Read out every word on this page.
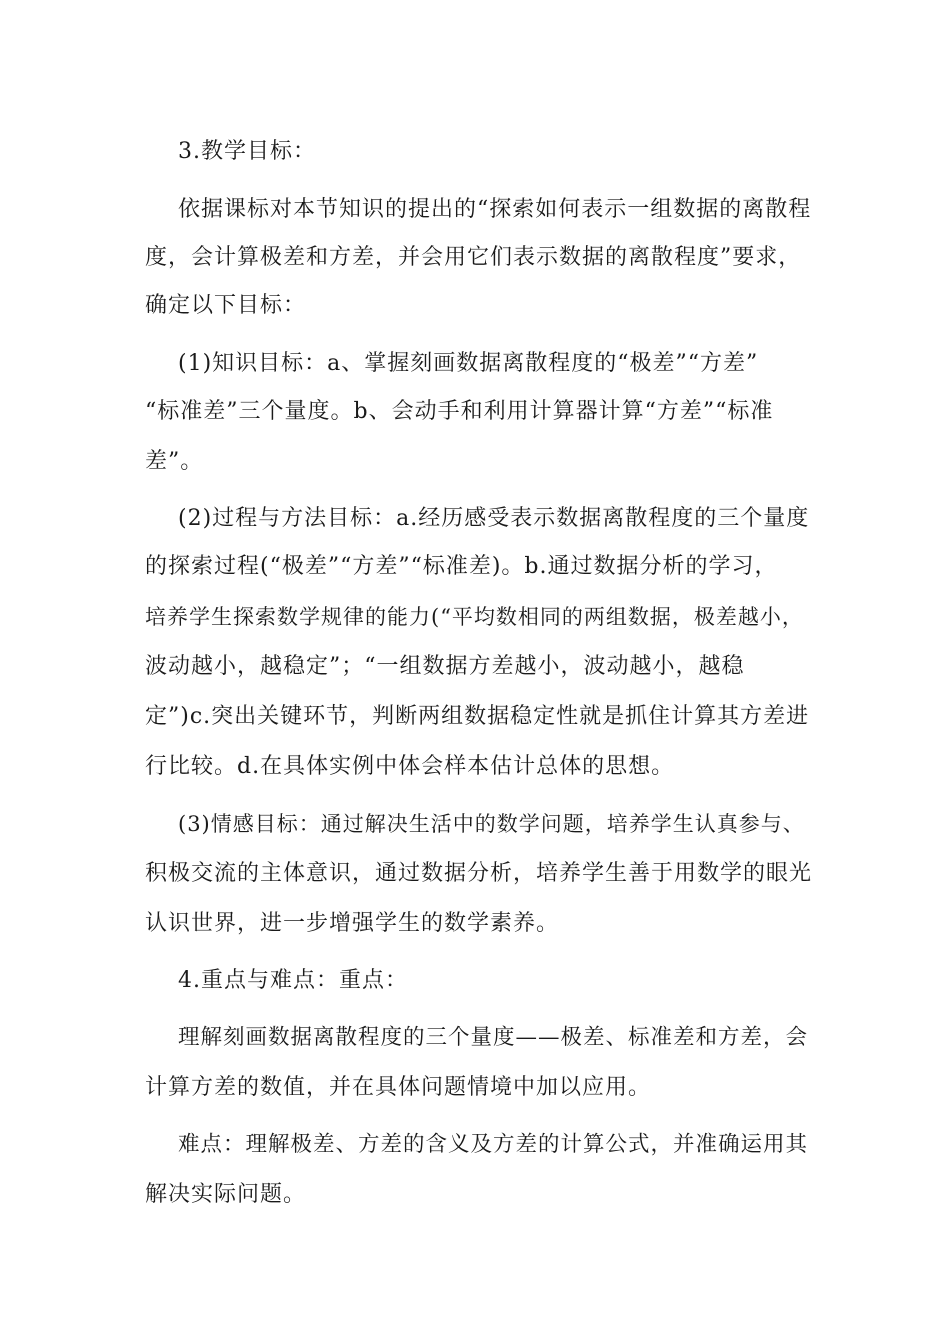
3.教学目标：

依据课标对本节知识的提出的“探索如何表示一组数据的离散程

度，会计算极差和方差，并会用它们表示数据的离散程度”要求，

确定以下目标：

(1)知识目标：a、掌握刻画数据离散程度的“极差”“方差”

“标准差”三个量度。b、会动手和利用计算器计算“方差”“标准

差”。

(2)过程与方法目标：a.经历感受表示数据离散程度的三个量度

的探索过程(“极差”“方差”“标准差)。b.通过数据分析的学习，

培养学生探索数学规律的能力(“平均数相同的两组数据，极差越小，

波动越小，越稳定”；“一组数据方差越小，波动越小，越稳

定”)c.突出关键环节，判断两组数据稳定性就是抓住计算其方差进

行比较。d.在具体实例中体会样本估计总体的思想。

(3)情感目标：通过解决生活中的数学问题，培养学生认真参与、

积极交流的主体意识，通过数据分析，培养学生善于用数学的眼光

认识世界，进一步增强学生的数学素养。

4.重点与难点：重点：

理解刻画数据离散程度的三个量度——极差、标准差和方差，会

计算方差的数值，并在具体问题情境中加以应用。

难点：理解极差、方差的含义及方差的计算公式，并准确运用其

解决实际问题。
